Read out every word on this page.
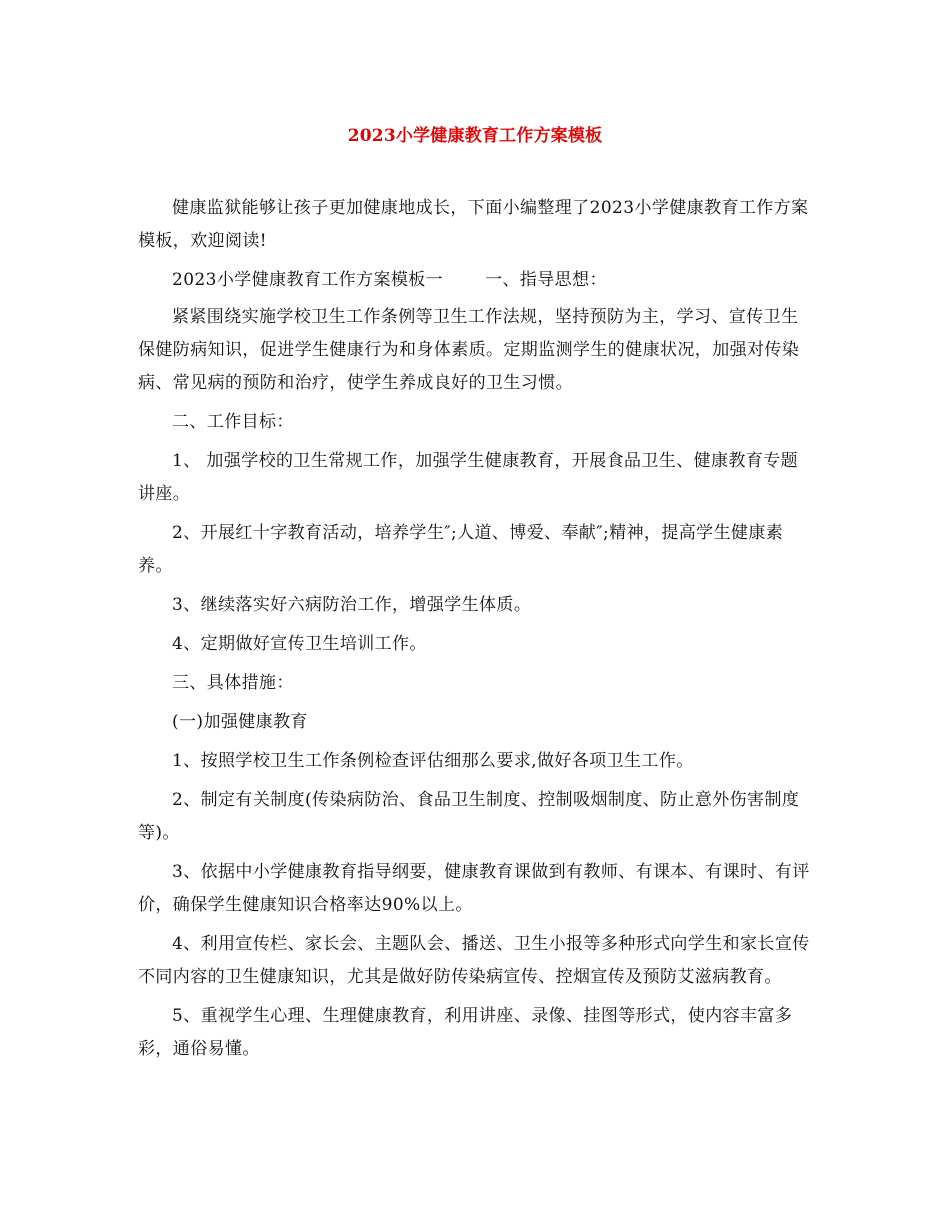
2023小学健康教育工作方案模板

健康监狱能够让孩子更加健康地成长，下面小编整理了2023小学健康教育工作方案模板，欢迎阅读!

2023小学健康教育工作方案模板一 一、指导思想：

紧紧围绕实施学校卫生工作条例等卫生工作法规，坚持预防为主，学习、宣传卫生保健防病知识，促进学生健康行为和身体素质。定期监测学生的健康状况，加强对传染病、常见病的预防和治疗，使学生养成良好的卫生习惯。

二、工作目标：

1、 加强学校的卫生常规工作，加强学生健康教育，开展食品卫生、健康教育专题讲座。

2、开展红十字教育活动，培养学生″;人道、博爱、奉献″;精神，提高学生健康素养。

3、继续落实好六病防治工作，增强学生体质。

4、定期做好宣传卫生培训工作。

三、具体措施：

(一)加强健康教育

1、按照学校卫生工作条例检查评估细那么要求,做好各项卫生工作。

2、制定有关制度(传染病防治、食品卫生制度、控制吸烟制度、防止意外伤害制度等)。

3、依据中小学健康教育指导纲要，健康教育课做到有教师、有课本、有课时、有评价，确保学生健康知识合格率达90%以上。

4、利用宣传栏、家长会、主题队会、播送、卫生小报等多种形式向学生和家长宣传不同内容的卫生健康知识，尤其是做好防传染病宣传、控烟宣传及预防艾滋病教育。

5、重视学生心理、生理健康教育，利用讲座、录像、挂图等形式，使内容丰富多彩，通俗易懂。
